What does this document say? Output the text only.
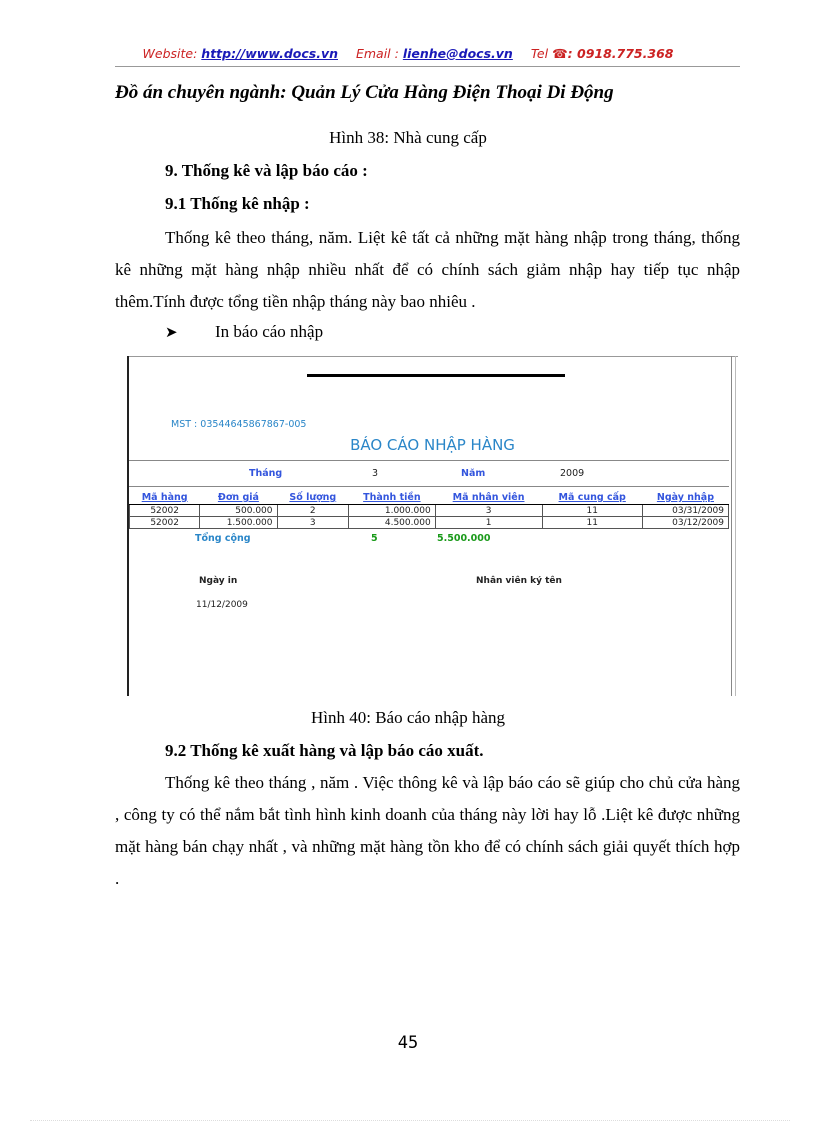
Website: http://www.docs.vn Email : lienhe@docs.vn Tel ☎: 0918.775.368
Đồ án chuyên ngành: Quản Lý Cửa Hàng Điện Thoại Di Động
Hình 38: Nhà cung cấp
9. Thống kê và lập báo cáo :
9.1 Thống kê nhập :
Thống kê theo tháng, năm. Liệt kê tất cả những mặt hàng nhập trong tháng, thống kê những mặt hàng nhập nhiều nhất để có chính sách giảm nhập hay tiếp tục nhập thêm.Tính được tổng tiền nhập tháng này bao nhiêu .
➤ In báo cáo nhập
MST : 03544645867867-005
BÁO CÁO NHẬP HÀNG
Tháng	3	Năm	2009
Mã hàng	Đơn giá	Số lượng	Thành tiền	Mã nhân viên	Mã cung cấp	Ngày nhập
52002	500.000	2	1.000.000	3	11	03/31/2009
52002	1.500.000	3	4.500.000	1	11	03/12/2009
Tổng cộng	5	5.500.000
Ngày in	Nhân viên ký tên
11/12/2009
Hình 40: Báo cáo nhập hàng
9.2 Thống kê xuất hàng và lập báo cáo xuất.
Thống kê theo tháng , năm . Việc thông kê và lập báo cáo sẽ giúp cho chủ cửa hàng , công ty có thể nắm bắt tình hình kinh doanh của tháng này lời hay lỗ .Liệt kê được những mặt hàng bán chạy nhất , và những mặt hàng tồn kho để có chính sách giải quyết thích hợp .
45
